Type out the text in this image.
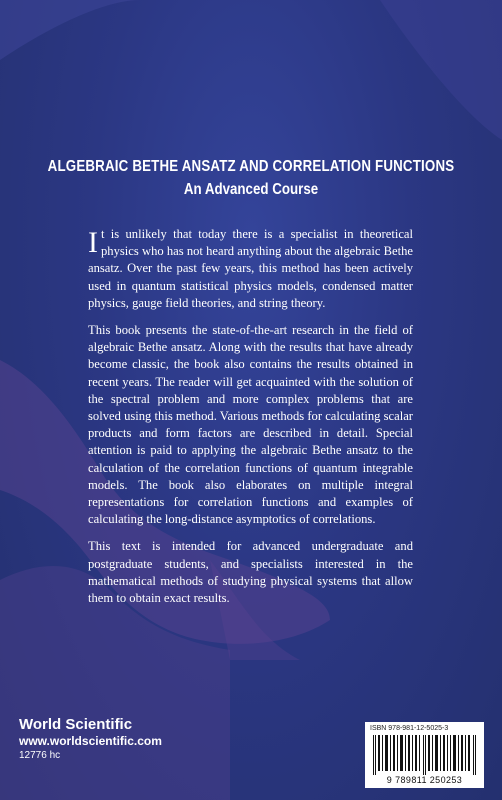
ALGEBRAIC BETHE ANSATZ AND CORRELATION FUNCTIONS
An Advanced Course

It is unlikely that today there is a specialist in theoretical physics who has not heard anything about the algebraic Bethe ansatz. Over the past few years, this method has been actively used in quantum statistical physics models, condensed matter physics, gauge field theories, and string theory.

This book presents the state-of-the-art research in the field of algebraic Bethe ansatz. Along with the results that have already become classic, the book also contains the results obtained in recent years. The reader will get acquainted with the solution of the spectral problem and more complex problems that are solved using this method. Various methods for calculating scalar products and form factors are described in detail. Special attention is paid to applying the algebraic Bethe ansatz to the calculation of the correlation functions of quantum integrable models. The book also elaborates on multiple integral representations for correlation functions and examples of calculating the long-distance asymptotics of correlations.

This text is intended for advanced undergraduate and postgraduate students, and specialists interested in the mathematical methods of studying physical systems that allow them to obtain exact results.

World Scientific
www.worldscientific.com
12776 hc
ISBN 978-981-12-5025-3
9 789811 250253
